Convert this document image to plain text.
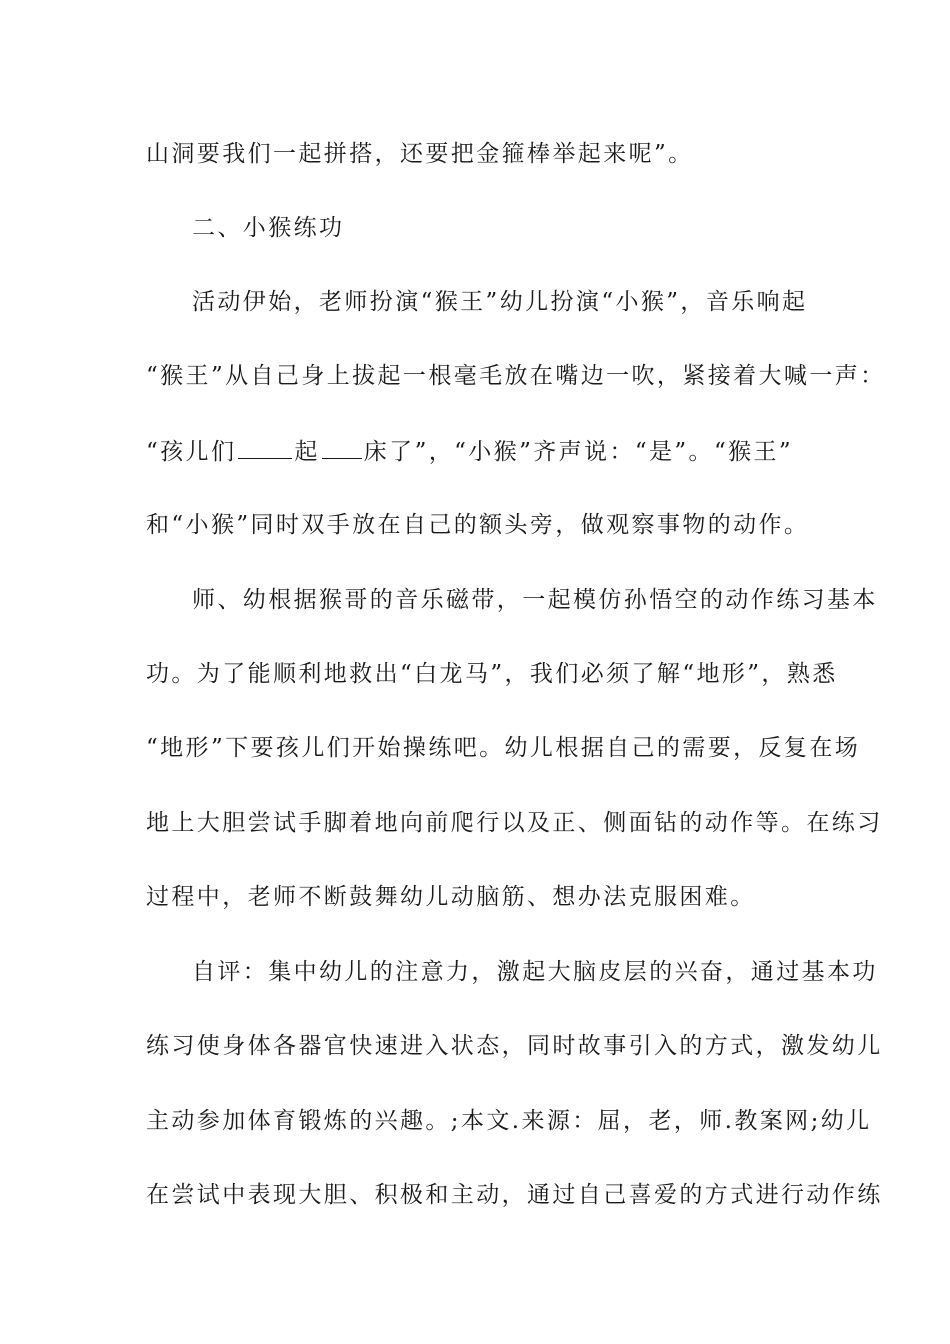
山洞要我们一起拼搭，还要把金箍棒举起来呢”。
二、小猴练功
活动伊始，老师扮演“猴王”幼儿扮演“小猴”，音乐响起
“猴王”从自己身上拔起一根毫毛放在嘴边一吹，紧接着大喊一声：
“孩儿们	起 床了”，“小猴”齐声说：“是”。“猴王”
和“小猴”同时双手放在自己的额头旁，做观察事物的动作。
师、幼根据猴哥的音乐磁带，一起模仿孙悟空的动作练习基本
功。为了能顺利地救出“白龙马”，我们必须了解“地形”，熟悉
“地形”下要孩儿们开始操练吧。幼儿根据自己的需要，反复在场
地上大胆尝试手脚着地向前爬行以及正、侧面钻的动作等。在练习
过程中，老师不断鼓舞幼儿动脑筋、想办法克服困难。
自评：集中幼儿的注意力，激起大脑皮层的兴奋，通过基本功
练习使身体各器官快速进入状态，同时故事引入的方式，激发幼儿
主动参加体育锻炼的兴趣。;本文.来源：屈，老，师.教案网;幼儿
在尝试中表现大胆、积极和主动，通过自己喜爱的方式进行动作练
